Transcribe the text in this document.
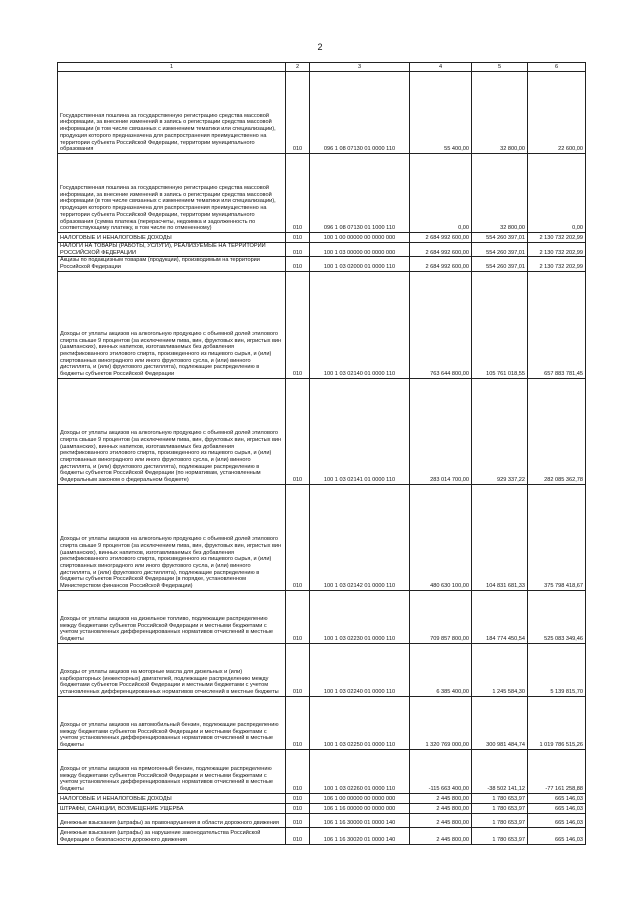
2
1	2	3	4	5	6
Государственная пошлина за государственную регистрацию средства массовой информации, за внесение изменений в запись о регистрации средства массовой информации (в том числе связанных с изменением тематики или специализации), продукция которого предназначена для распространения преимущественно на территории субъекта Российской Федерации, территории муниципального образования	010	096 1 08 07130 01 0000 110	55 400,00	32 800,00	22 600,00
Государственная пошлина за государственную регистрацию средства массовой информации, за внесение изменений в запись о регистрации средства массовой информации (в том числе связанных с изменением тематики или специализации), продукция которого предназначена для распространения преимущественно на территории субъекта Российской Федерации, территории муниципального образования (сумма платежа (перерасчеты, недоимка и задолженность по соответствующему платежу, в том числе по отмененному)	010	096 1 08 07130 01 1000 110	0,00	32 800,00	0,00
НАЛОГОВЫЕ И НЕНАЛОГОВЫЕ ДОХОДЫ	010	100 1 00 00000 00 0000 000	2 684 992 600,00	554 260 397,01	2 130 732 202,99
НАЛОГИ НА ТОВАРЫ (РАБОТЫ, УСЛУГИ), РЕАЛИЗУЕМЫЕ НА ТЕРРИТОРИИ РОССИЙСКОЙ ФЕДЕРАЦИИ	010	100 1 03 00000 00 0000 000	2 684 992 600,00	554 260 397,01	2 130 732 202,99
Акцизы по подакцизным товарам (продукции), производимым на территории Российской Федерации	010	100 1 03 02000 01 0000 110	2 684 992 600,00	554 260 397,01	2 130 732 202,99
Доходы от уплаты акцизов на алкогольную продукцию с объемной долей этилового спирта свыше 9 процентов (за исключением пива, вин, фруктовых вин, игристых вин (шампанских), винных напитков, изготавливаемых без добавления ректификованного этилового спирта, произведенного из пищевого сырья, и (или) спиртованных виноградного или иного фруктового сусла, и (или) винного дистиллята, и (или) фруктового дистиллята), подлежащие распределению в бюджеты субъектов Российской Федерации	010	100 1 03 02140 01 0000 110	763 644 800,00	105 761 018,55	657 883 781,45
Доходы от уплаты акцизов на алкогольную продукцию с объемной долей этилового спирта свыше 9 процентов (за исключением пива, вин, фруктовых вин, игристых вин (шампанских), винных напитков, изготавливаемых без добавления ректификованного этилового спирта, произведенного из пищевого сырья, и (или) спиртованных виноградного или иного фруктового сусла, и (или) винного дистиллята, и (или) фруктового дистиллята), подлежащие распределению в бюджеты субъектов Российской Федерации (по нормативам, установленным Федеральным законом о федеральном бюджете)	010	100 1 03 02141 01 0000 110	283 014 700,00	929 337,22	282 085 362,78
Доходы от уплаты акцизов на алкогольную продукцию с объемной долей этилового спирта свыше 9 процентов (за исключением пива, вин, фруктовых вин, игристых вин (шампанских), винных напитков, изготавливаемых без добавления ректификованного этилового спирта, произведенного из пищевого сырья, и (или) спиртованных виноградного или иного фруктового сусла, и (или) винного дистиллята, и (или) фруктового дистиллята), подлежащие распределению в бюджеты субъектов Российской Федерации (в порядке, установленном Министерством финансов Российской Федерации)	010	100 1 03 02142 01 0000 110	480 630 100,00	104 831 681,33	375 798 418,67
Доходы от уплаты акцизов на дизельное топливо, подлежащие распределению между бюджетами субъектов Российской Федерации и местными бюджетами с учетом установленных дифференцированных нормативов отчислений в местные бюджеты	010	100 1 03 02230 01 0000 110	709 857 800,00	184 774 450,54	525 083 349,46
Доходы от уплаты акцизов на моторные масла для дизельных и (или) карбюраторных (инжекторных) двигателей, подлежащие распределению между бюджетами субъектов Российской Федерации и местными бюджетами с учетом установленных дифференцированных нормативов отчислений в местные бюджеты	010	100 1 03 02240 01 0000 110	6 385 400,00	1 245 584,30	5 139 815,70
Доходы от уплаты акцизов на автомобильный бензин, подлежащие распределению между бюджетами субъектов Российской Федерации и местными бюджетами с учетом установленных дифференцированных нормативов отчислений в местные бюджеты	010	100 1 03 02250 01 0000 110	1 320 769 000,00	300 981 484,74	1 019 786 515,26
Доходы от уплаты акцизов на прямогонный бензин, подлежащие распределению между бюджетами субъектов Российской Федерации и местными бюджетами с учетом установленных дифференцированных нормативов отчислений в местные бюджеты	010	100 1 03 02260 01 0000 110	-115 663 400,00	-38 502 141,12	-77 161 258,88
НАЛОГОВЫЕ И НЕНАЛОГОВЫЕ ДОХОДЫ	010	106 1 00 00000 00 0000 000	2 445 800,00	1 780 653,97	665 146,03
ШТРАФЫ, САНКЦИИ, ВОЗМЕЩЕНИЕ УЩЕРБА	010	106 1 16 00000 00 0000 000	2 445 800,00	1 780 653,97	665 146,03
Денежные взыскания (штрафы) за правонарушения в области дорожного движения	010	106 1 16 30000 01 0000 140	2 445 800,00	1 780 653,97	665 146,03
Денежные взыскания (штрафы) за нарушение законодательства Российской Федерации о безопасности дорожного движения	010	106 1 16 30020 01 0000 140	2 445 800,00	1 780 653,97	665 146,03
